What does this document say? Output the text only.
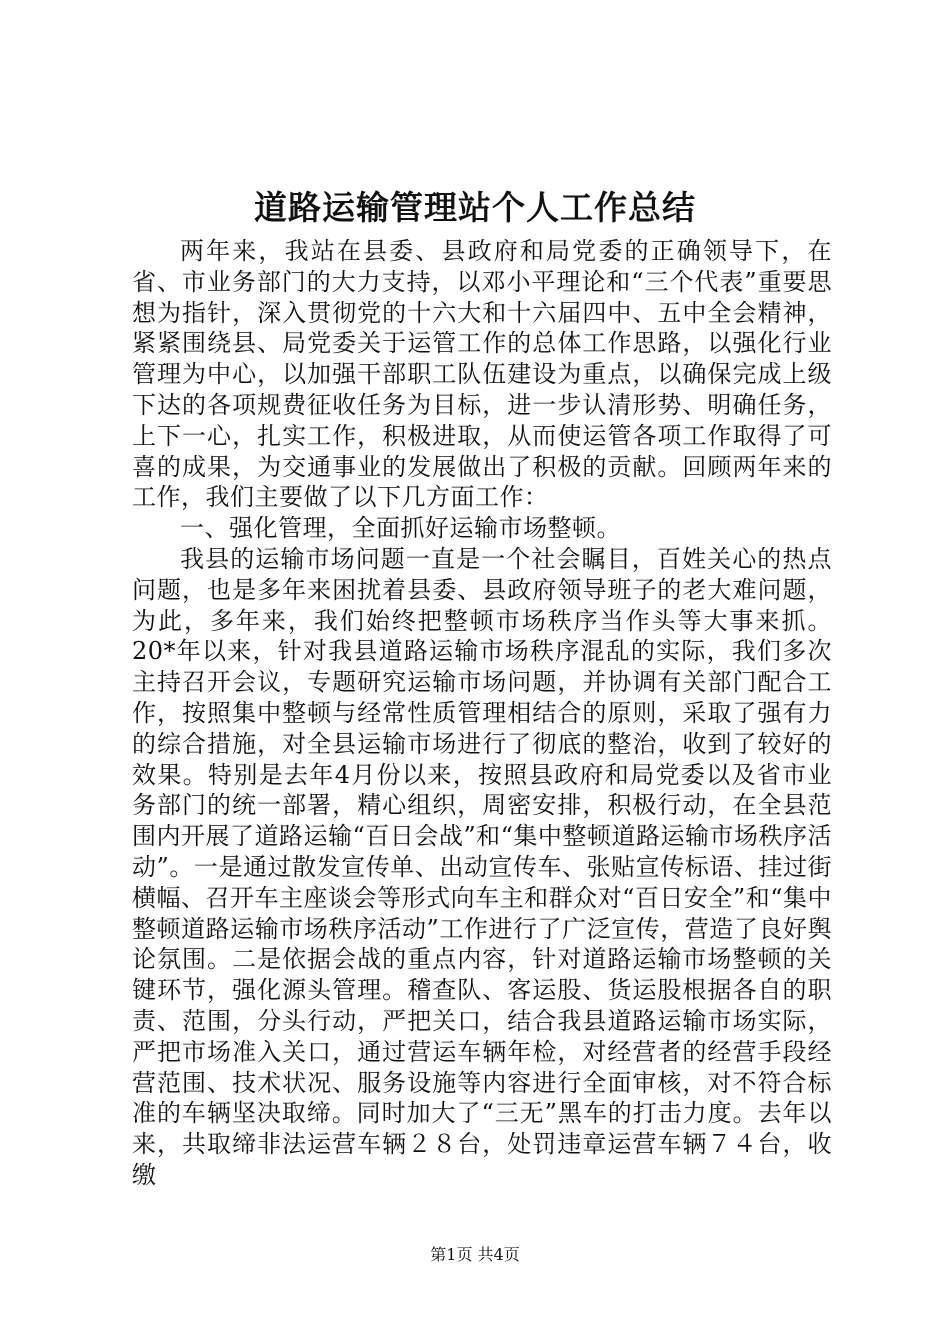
道路运输管理站个人工作总结

两年来，我站在县委、县政府和局党委的正确领导下，在省、市业务部门的大力支持，以邓小平理论和“三个代表”重要思想为指针，深入贯彻党的十六大和十六届四中、五中全会精神，紧紧围绕县、局党委关于运管工作的总体工作思路，以强化行业管理为中心，以加强干部职工队伍建设为重点，以确保完成上级下达的各项规费征收任务为目标，进一步认清形势、明确任务，上下一心，扎实工作，积极进取，从而使运管各项工作取得了可喜的成果，为交通事业的发展做出了积极的贡献。回顾两年来的工作，我们主要做了以下几方面工作：

一、强化管理，全面抓好运输市场整顿。

我县的运输市场问题一直是一个社会瞩目，百姓关心的热点问题，也是多年来困扰着县委、县政府领导班子的老大难问题，为此，多年来，我们始终把整顿市场秩序当作头等大事来抓。20*年以来，针对我县道路运输市场秩序混乱的实际，我们多次主持召开会议，专题研究运输市场问题，并协调有关部门配合工作，按照集中整顿与经常性质管理相结合的原则，采取了强有力的综合措施，对全县运输市场进行了彻底的整治，收到了较好的效果。特别是去年4月份以来，按照县政府和局党委以及省市业务部门的统一部署，精心组织，周密安排，积极行动，在全县范围内开展了道路运输“百日会战”和“集中整顿道路运输市场秩序活动”。一是通过散发宣传单、出动宣传车、张贴宣传标语、挂过街横幅、召开车主座谈会等形式向车主和群众对“百日安全”和“集中整顿道路运输市场秩序活动”工作进行了广泛宣传，营造了良好舆论氛围。二是依据会战的重点内容，针对道路运输市场整顿的关键环节，强化源头管理。稽查队、客运股、货运股根据各自的职责、范围，分头行动，严把关口，结合我县道路运输市场实际，严把市场准入关口，通过营运车辆年检，对经营者的经营手段经营范围、技术状况、服务设施等内容进行全面审核，对不符合标准的车辆坚决取缔。同时加大了“三无”黑车的打击力度。去年以来，共取缔非法运营车辆２８台，处罚违章运营车辆７４台，收缴

第1页 共4页
